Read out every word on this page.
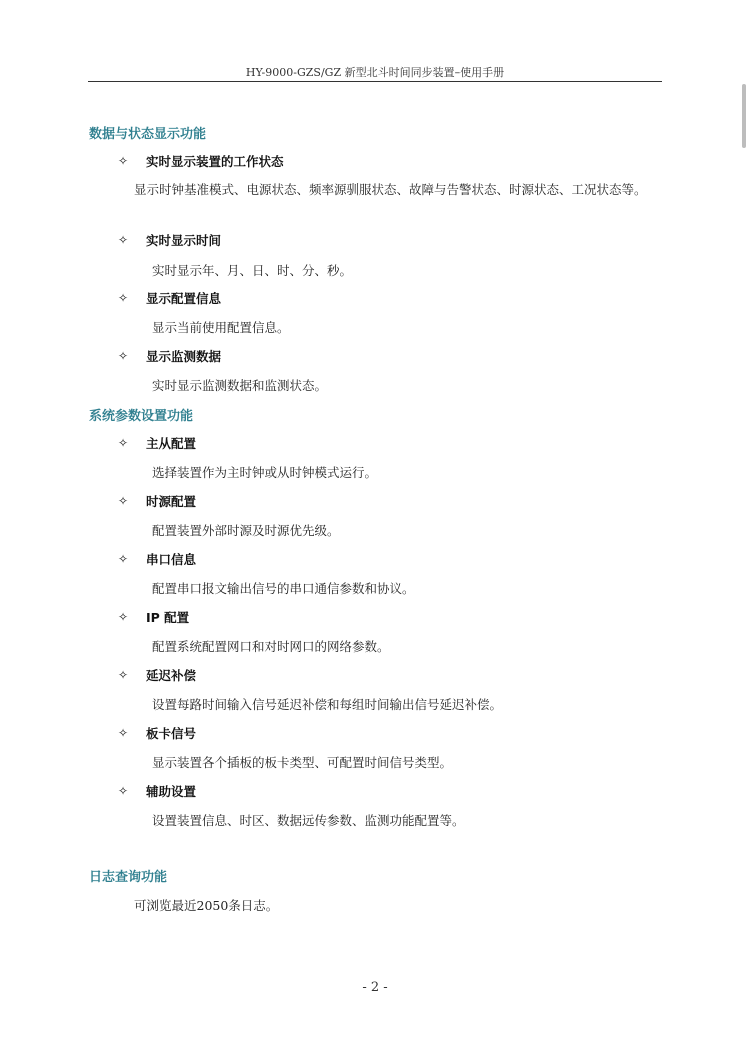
HY-9000-GZS/GZ 新型北斗时间同步装置–使用手册
数据与状态显示功能
✧	实时显示装置的工作状态
显示时钟基准模式、电源状态、频率源驯服状态、故障与告警状态、时源状态、工况状态等。
✧	实时显示时间
实时显示年、月、日、时、分、秒。
✧	显示配置信息
显示当前使用配置信息。
✧	显示监测数据
实时显示监测数据和监测状态。
系统参数设置功能
✧	主从配置
选择装置作为主时钟或从时钟模式运行。
✧	时源配置
配置装置外部时源及时源优先级。
✧	串口信息
配置串口报文输出信号的串口通信参数和协议。
✧	IP 配置
配置系统配置网口和对时网口的网络参数。
✧	延迟补偿
设置每路时间输入信号延迟补偿和每组时间输出信号延迟补偿。
✧	板卡信号
显示装置各个插板的板卡类型、可配置时间信号类型。
✧	辅助设置
设置装置信息、时区、数据远传参数、监测功能配置等。
日志查询功能
可浏览最近2050条日志。
- 2 -
